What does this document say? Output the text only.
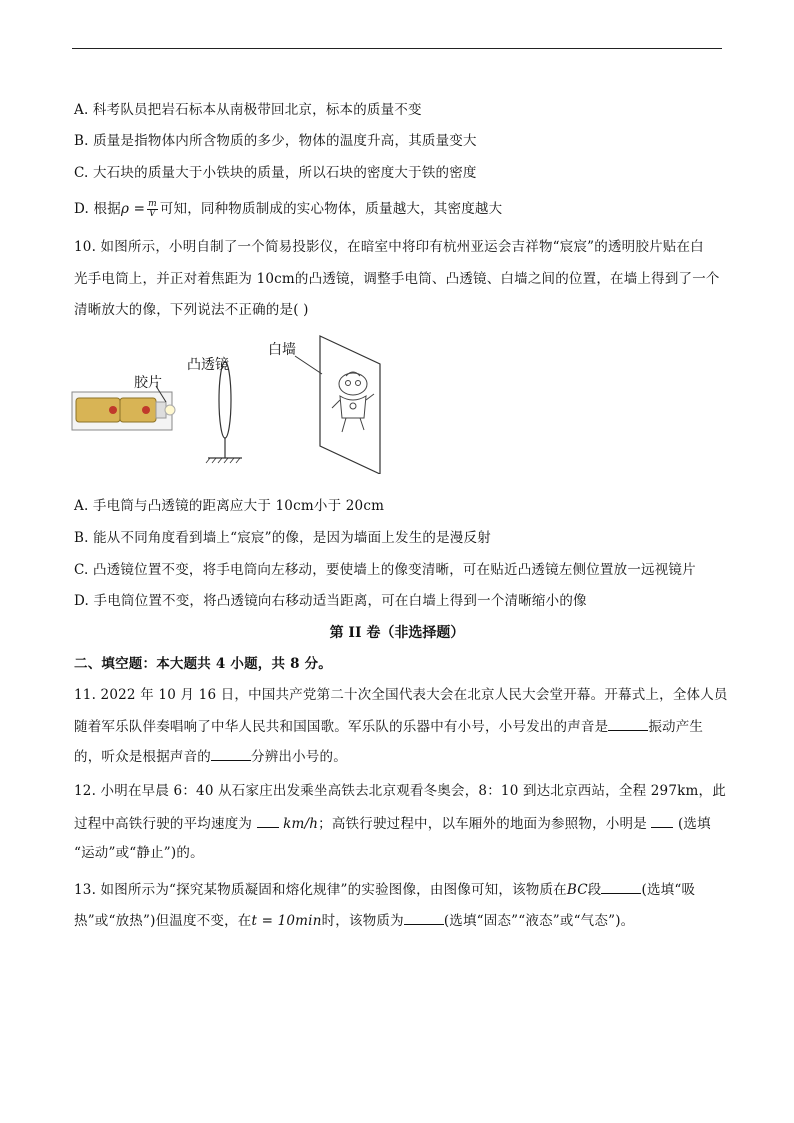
A. 科考队员把岩石标本从南极带回北京，标本的质量不变
B. 质量是指物体内所含物质的多少，物体的温度升高，其质量变大
C. 大石块的质量大于小铁块的质量，所以石块的密度大于铁的密度
D. 根据$\rho = \frac{m}{V}$ 可知，同种物质制成的实心物体，质量越大，其密度越大
10. 如图所示，小明自制了一个简易投影仪，在暗室中将印有杭州亚运会吉祥物“宸宸”的透明胶片贴在白
光手电筒上，并正对着焦距为 10cm的凸透镜，调整手电筒、凸透镜、白墙之间的位置，在墙上得到了一个
清晰放大的像，下列说法不正确的是( )
胶片
凸透镜
白墙
A. 手电筒与凸透镜的距离应大于 10cm小于 20cm
B. 能从不同角度看到墙上“宸宸”的像，是因为墙面上发生的是漫反射
C. 凸透镜位置不变，将手电筒向左移动，要使墙上的像变清晰，可在贴近凸透镜左侧位置放一远视镜片
D. 手电筒位置不变，将凸透镜向右移动适当距离，可在白墙上得到一个清晰缩小的像
第 II 卷（非选择题）
二、填空题：本大题共 4 小题，共 8 分。
11. 2022 年 10 月 16 日，中国共产党第二十次全国代表大会在北京人民大会堂开幕。开幕式上，全体人员
随着军乐队伴奏唱响了中华人民共和国国歌。军乐队的乐器中有小号，小号发出的声音是	振动产生
的，听众是根据声音的	分辨出小号的。
12. 小明在早晨 6：40 从石家庄出发乘坐高铁去北京观看冬奥会，8：10 到达北京西站，全程 297km，此
过程中高铁行驶的平均速度为 km/h；高铁行驶过程中，以车厢外的地面为参照物，小明是 (选填
“运动”或“静止”)的。
13. 如图所示为“探究某物质凝固和熔化规律”的实验图像，由图像可知，该物质在BC段	(选填“吸
热”或“放热”)但温度不变，在t = 10min时，该物质为	(选填“固态”“液态”或“气态”)。
